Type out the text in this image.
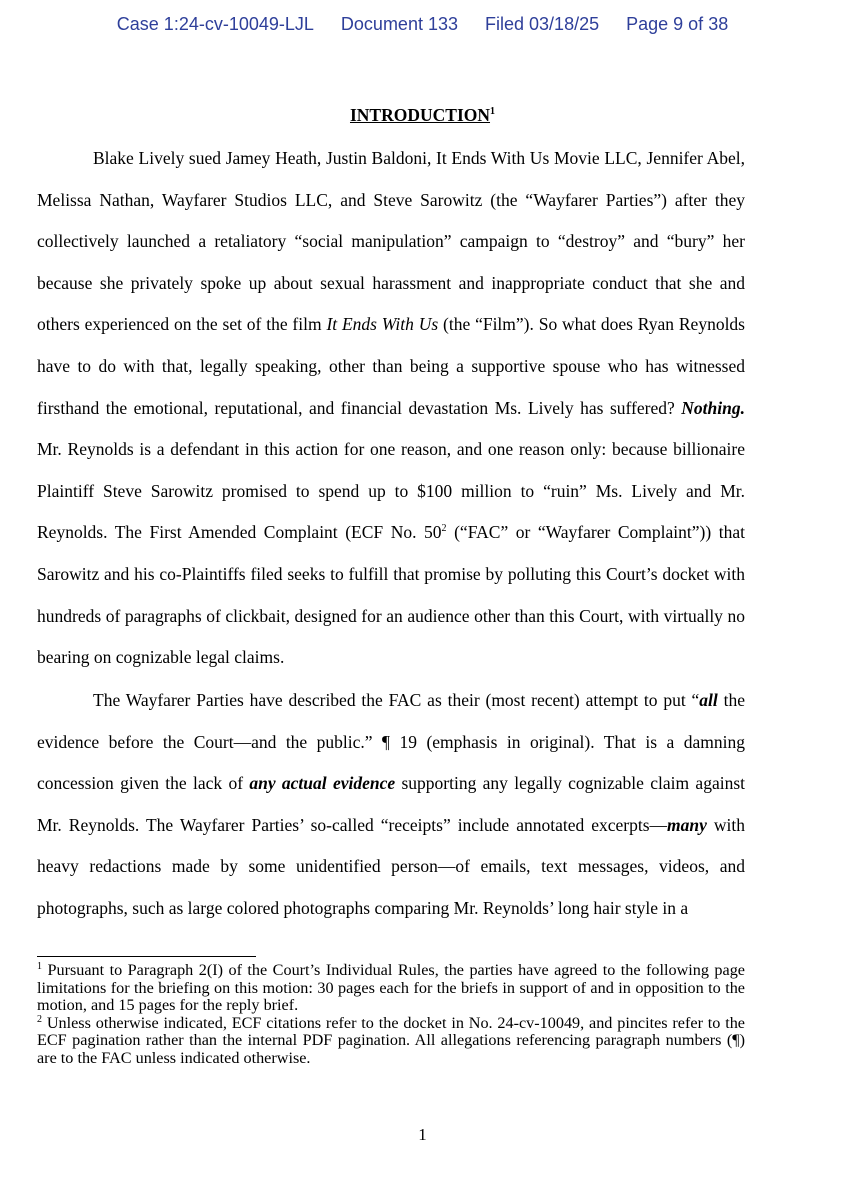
Case 1:24-cv-10049-LJL Document 133 Filed 03/18/25 Page 9 of 38
INTRODUCTION$^1$

Blake Lively sued Jamey Heath, Justin Baldoni, It Ends With Us Movie LLC, Jennifer Abel, Melissa Nathan, Wayfarer Studios LLC, and Steve Sarowitz (the “Wayfarer Parties”) after they collectively launched a retaliatory “social manipulation” campaign to “destroy” and “bury” her because she privately spoke up about sexual harassment and inappropriate conduct that she and others experienced on the set of the film It Ends With Us (the “Film”). So what does Ryan Reynolds have to do with that, legally speaking, other than being a supportive spouse who has witnessed firsthand the emotional, reputational, and financial devastation Ms. Lively has suffered? Nothing. Mr. Reynolds is a defendant in this action for one reason, and one reason only: because billionaire Plaintiff Steve Sarowitz promised to spend up to $100 million to “ruin” Ms. Lively and Mr. Reynolds. The First Amended Complaint (ECF No. $50^2$ (“FAC” or “Wayfarer Complaint”)) that Sarowitz and his co-Plaintiffs filed seeks to fulfill that promise by polluting this Court’s docket with hundreds of paragraphs of clickbait, designed for an audience other than this Court, with virtually no bearing on cognizable legal claims.

The Wayfarer Parties have described the FAC as their (most recent) attempt to put “all the evidence before the Court—and the public.” ¶ 19 (emphasis in original). That is a damning concession given the lack of any actual evidence supporting any legally cognizable claim against Mr. Reynolds. The Wayfarer Parties’ so-called “receipts” include annotated excerpts—many with heavy redactions made by some unidentified person—of emails, text messages, videos, and photographs, such as large colored photographs comparing Mr. Reynolds’ long hair style in a

$^1$ Pursuant to Paragraph 2(I) of the Court’s Individual Rules, the parties have agreed to the following page limitations for the briefing on this motion: 30 pages each for the briefs in support of and in opposition to the motion, and 15 pages for the reply brief.

$^2$ Unless otherwise indicated, ECF citations refer to the docket in No. 24-cv-10049, and pincites refer to the ECF pagination rather than the internal PDF pagination. All allegations referencing paragraph numbers (¶) are to the FAC unless indicated otherwise.

1
